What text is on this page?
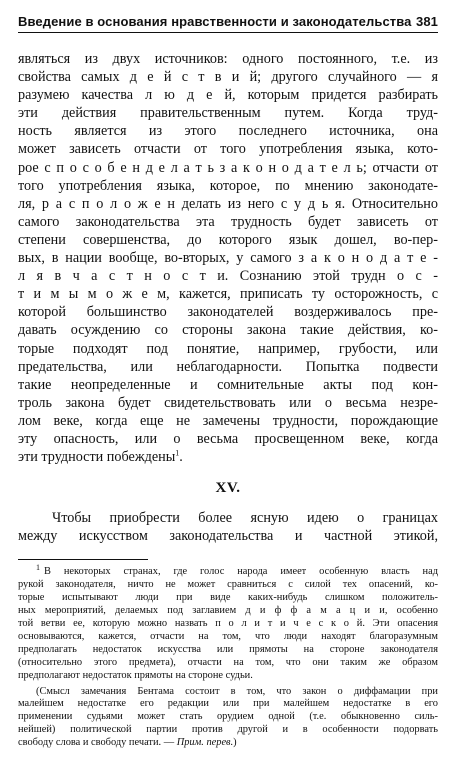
Введение в основания нравственности и законодательства 381
являться из двух источников: одного постоянного, т.е. из
свойства самых д е й с т в и й; другого случайного — я
разумею качества л ю д е й, которым придется разбирать
эти действия правительственным путем. Когда труд-
ность является из этого последнего источника, она
может зависеть отчасти от того употребления языка, кото-
рое с п о с о б е н д е л а т ь з а к о н о д а т е л ь; отчасти от
того употребления языка, которое, по мнению законодате-
ля, р а с п о л о ж е н делать из него с у д ь я. Относительно
самого законодательства эта трудность будет зависеть от
степени совершенства, до которого язык дошел, во-пер-
вых, в нации вообще, во-вторых, у самого з а к о н о д а т е -
л я в ч а с т н о с т и. Сознанию этой трудн о с -
т и м ы м о ж е м, кажется, приписать ту осторожность, с
которой большинство законодателей воздерживалось пре-
давать осуждению со стороны закона такие действия, ко-
торые подходят под понятие, например, грубости, или
предательства, или неблагодарности. Попытка подвести
такие неопределенные и сомнительные акты под кон-
троль закона будет свидетельствовать или о весьма незре-
лом веке, когда еще не замечены трудности, порождающие
эту опасность, или о весьма просвещенном веке, когда
эти трудности побеждены$^1$.
XV.
Чтобы приобрести более ясную идею о границах
между искусством законодательства и частной этикой,
$^1$ В некоторых странах, где голос народа имеет особенную власть над
рукой законодателя, ничто не может сравниться с силой тех опасений, ко-
торые испытывают люди при виде каких-нибудь слишком положитель-
ных мероприятий, делаемых под заглавием д и ф ф а м а ц и и, особенно
той ветви ее, которую можно назвать п о л и т и ч е с к о й. Эти опасения
основываются, кажется, отчасти на том, что люди находят благоразумным
предполагать недостаток искусства или прямоты на стороне законодателя
(относительно этого предмета), отчасти на том, что они таким же образом
предполагают недостаток прямоты на стороне судьи.
(Смысл замечания Бентама состоит в том, что закон о диффамации при
малейшем недостатке его редакции или при малейшем недостатке в его
применении судьями может стать орудием одной (т.е. обыкновенно силь-
нейшей) политической партии против другой и в особенности подорвать
свободу слова и свободу печати. — Прим. перев.)
